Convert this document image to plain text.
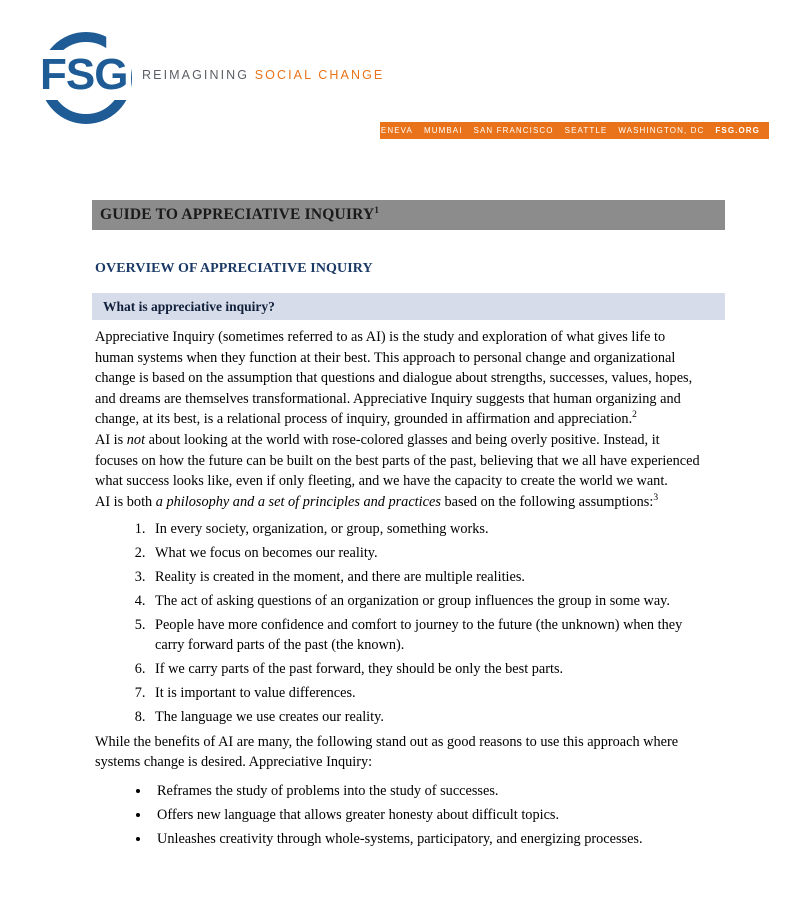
FSG	REIMAGINING SOCIAL CHANGE
BOSTON GENEVA MUMBAI SAN FRANCISCO SEATTLE WASHINGTON, DC FSG.ORG
GUIDE TO APPRECIATIVE INQUIRY$^1$
OVERVIEW OF APPRECIATIVE INQUIRY
What is appreciative inquiry?

Appreciative Inquiry (sometimes referred to as AI) is the study and exploration of what gives life to human systems when they function at their best. This approach to personal change and organizational change is based on the assumption that questions and dialogue about strengths, successes, values, hopes, and dreams are themselves transformational. Appreciative Inquiry suggests that human organizing and change, at its best, is a relational process of inquiry, grounded in affirmation and appreciation.$^2$

AI is not about looking at the world with rose-colored glasses and being overly positive. Instead, it focuses on how the future can be built on the best parts of the past, believing that we all have experienced what success looks like, even if only fleeting, and we have the capacity to create the world we want.

AI is both a philosophy and a set of principles and practices based on the following assumptions:$^3$

1. In every society, organization, or group, something works.
2. What we focus on becomes our reality.
3. Reality is created in the moment, and there are multiple realities.
4. The act of asking questions of an organization or group influences the group in some way.
5. People have more confidence and comfort to journey to the future (the unknown) when they carry forward parts of the past (the known).
6. If we carry parts of the past forward, they should be only the best parts.
7. It is important to value differences.
8. The language we use creates our reality.

While the benefits of AI are many, the following stand out as good reasons to use this approach where systems change is desired. Appreciative Inquiry:

• Reframes the study of problems into the study of successes.
• Offers new language that allows greater honesty about difficult topics.
• Unleashes creativity through whole-systems, participatory, and energizing processes.
